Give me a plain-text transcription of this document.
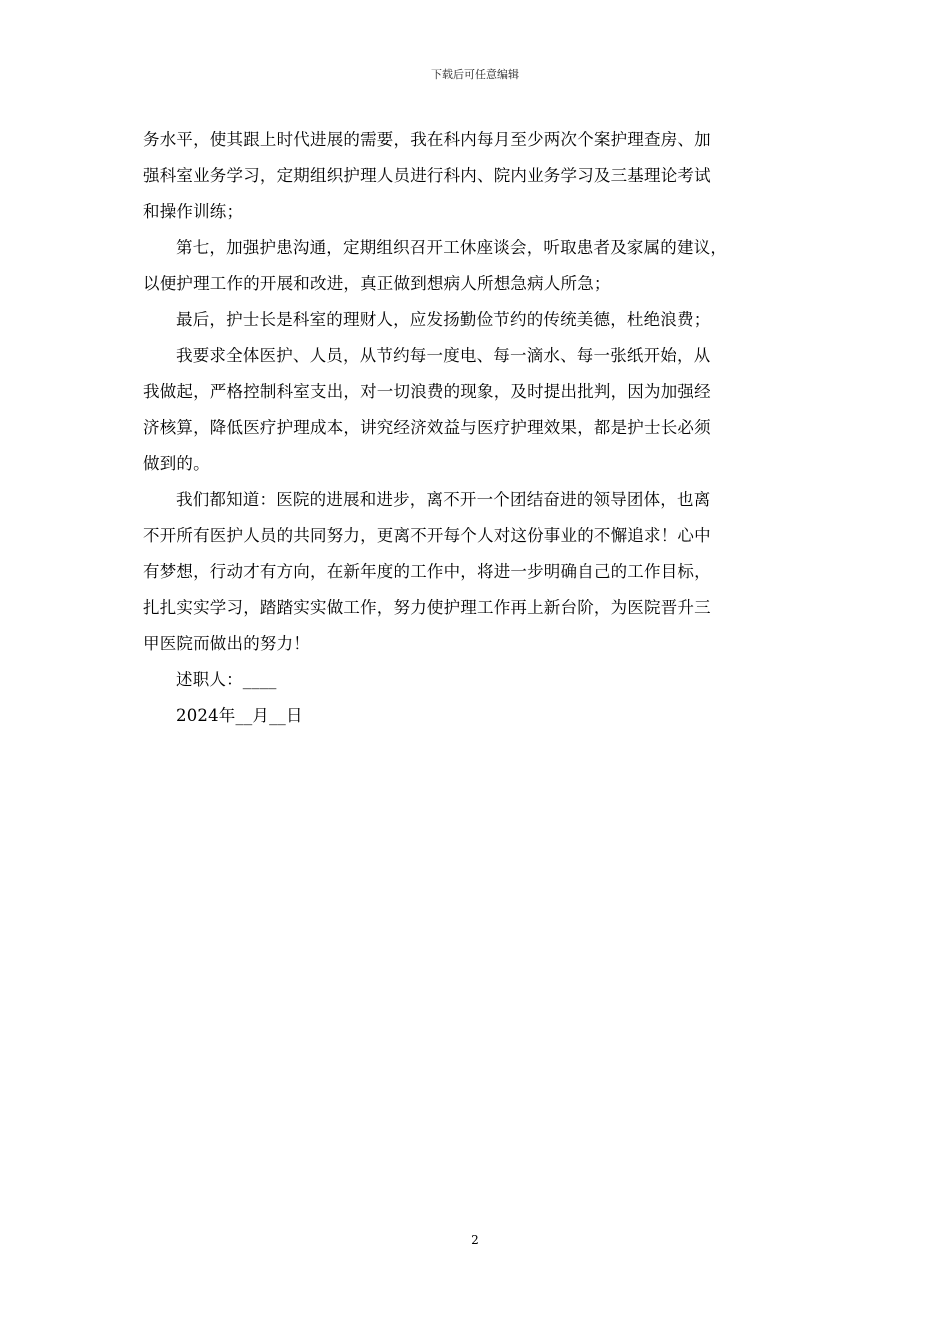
下载后可任意编辑

务水平，使其跟上时代进展的需要，我在科内每月至少两次个案护理查房、加
强科室业务学习，定期组织护理人员进行科内、院内业务学习及三基理论考试
和操作训练；

第七，加强护患沟通，定期组织召开工休座谈会，听取患者及家属的建议，
以便护理工作的开展和改进，真正做到想病人所想急病人所急；

最后，护士长是科室的理财人，应发扬勤俭节约的传统美德，杜绝浪费；

我要求全体医护、人员，从节约每一度电、每一滴水、每一张纸开始，从
我做起，严格控制科室支出，对一切浪费的现象，及时提出批判，因为加强经
济核算，降低医疗护理成本，讲究经济效益与医疗护理效果，都是护士长必须
做到的。

我们都知道：医院的进展和进步，离不开一个团结奋进的领导团体，也离
不开所有医护人员的共同努力，更离不开每个人对这份事业的不懈追求！心中
有梦想，行动才有方向，在新年度的工作中，将进一步明确自己的工作目标，
扎扎实实学习，踏踏实实做工作，努力使护理工作再上新台阶，为医院晋升三
甲医院而做出的努力！

述职人：____

2024年__月__日

2
